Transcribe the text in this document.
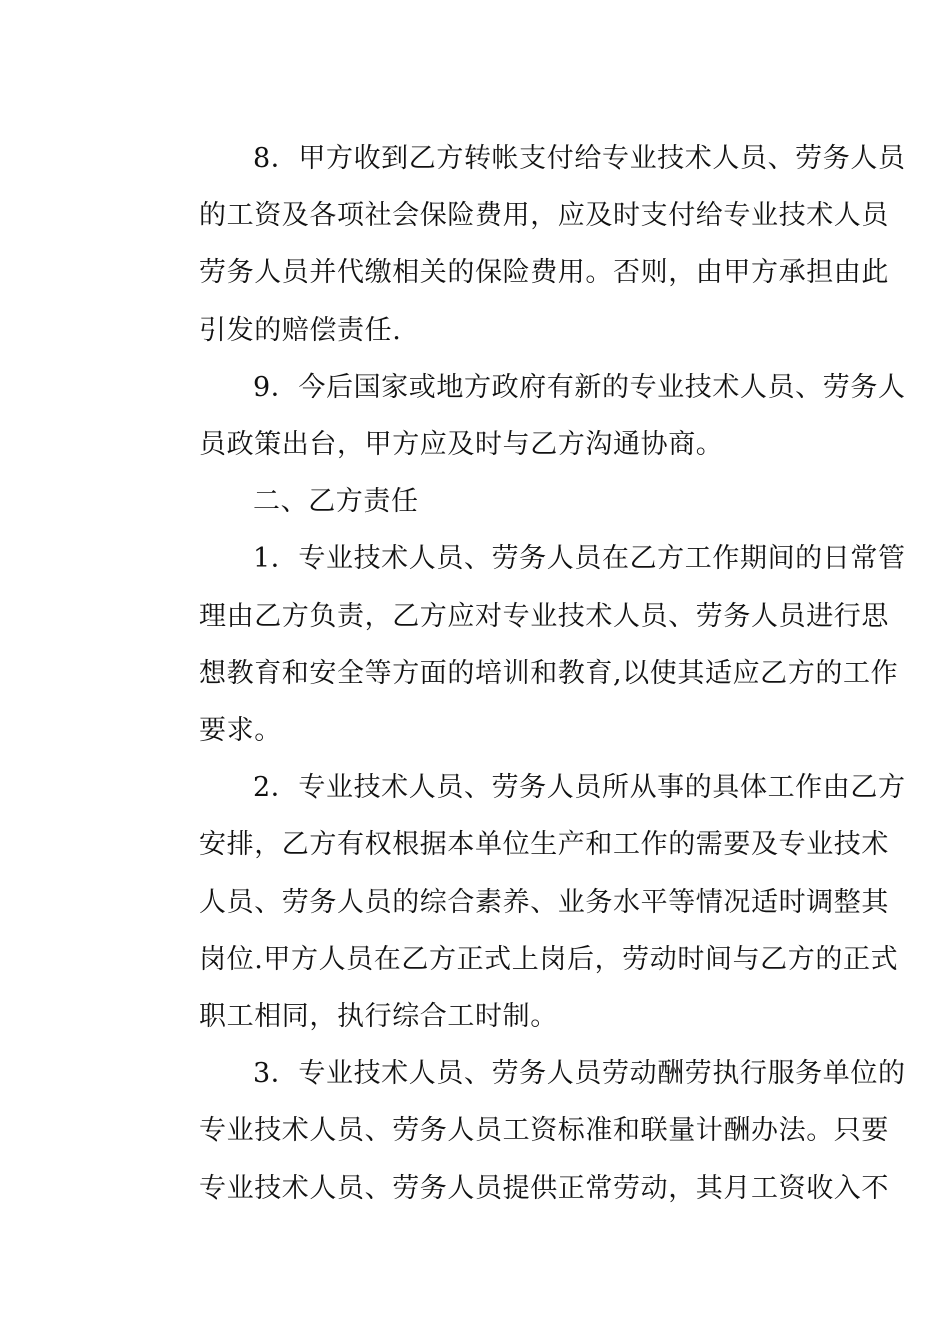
8．甲方收到乙方转帐支付给专业技术人员、劳务人员
的工资及各项社会保险费用，应及时支付给专业技术人员
劳务人员并代缴相关的保险费用。否则，由甲方承担由此
引发的赔偿责任.
9．今后国家或地方政府有新的专业技术人员、劳务人
员政策出台，甲方应及时与乙方沟通协商。
二、乙方责任
1．专业技术人员、劳务人员在乙方工作期间的日常管
理由乙方负责，乙方应对专业技术人员、劳务人员进行思
想教育和安全等方面的培训和教育,以使其适应乙方的工作
要求。
2．专业技术人员、劳务人员所从事的具体工作由乙方
安排，乙方有权根据本单位生产和工作的需要及专业技术
人员、劳务人员的综合素养、业务水平等情况适时调整其
岗位.甲方人员在乙方正式上岗后，劳动时间与乙方的正式
职工相同，执行综合工时制。
3．专业技术人员、劳务人员劳动酬劳执行服务单位的
专业技术人员、劳务人员工资标准和联量计酬办法。只要
专业技术人员、劳务人员提供正常劳动，其月工资收入不
